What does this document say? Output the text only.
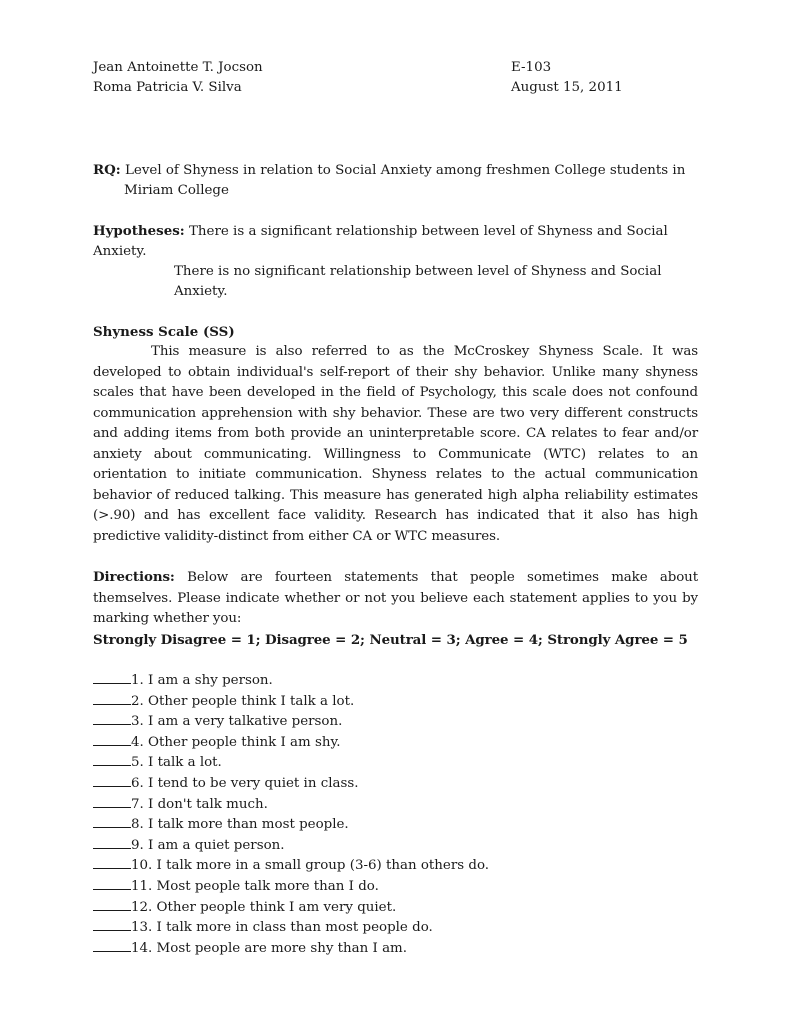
Jean Antoinette T. Jocson	E-103
Roma Patricia V. Silva	August 15, 2011
RQ: Level of Shyness in relation to Social Anxiety among freshmen College students in Miriam College
Hypotheses: There is a significant relationship between level of Shyness and Social Anxiety.
There is no significant relationship between level of Shyness and Social Anxiety.
Shyness Scale (SS)
This measure is also referred to as the McCroskey Shyness Scale. It was developed to obtain individual's self-report of their shy behavior. Unlike many shyness scales that have been developed in the field of Psychology, this scale does not confound communication apprehension with shy behavior. These are two very different constructs and adding items from both provide an uninterpretable score. CA relates to fear and/or anxiety about communicating. Willingness to Communicate (WTC) relates to an orientation to initiate communication. Shyness relates to the actual communication behavior of reduced talking. This measure has generated high alpha reliability estimates (>.90) and has excellent face validity. Research has indicated that it also has high predictive validity-distinct from either CA or WTC measures.
Directions: Below are fourteen statements that people sometimes make about themselves. Please indicate whether or not you believe each statement applies to you by marking whether you:
Strongly Disagree = 1; Disagree = 2; Neutral = 3; Agree = 4; Strongly Agree = 5
1. I am a shy person.
2. Other people think I talk a lot.
3. I am a very talkative person.
4. Other people think I am shy.
5. I talk a lot.
6. I tend to be very quiet in class.
7. I don't talk much.
8. I talk more than most people.
9. I am a quiet person.
10. I talk more in a small group (3-6) than others do.
11. Most people talk more than I do.
12. Other people think I am very quiet.
13. I talk more in class than most people do.
14. Most people are more shy than I am.
